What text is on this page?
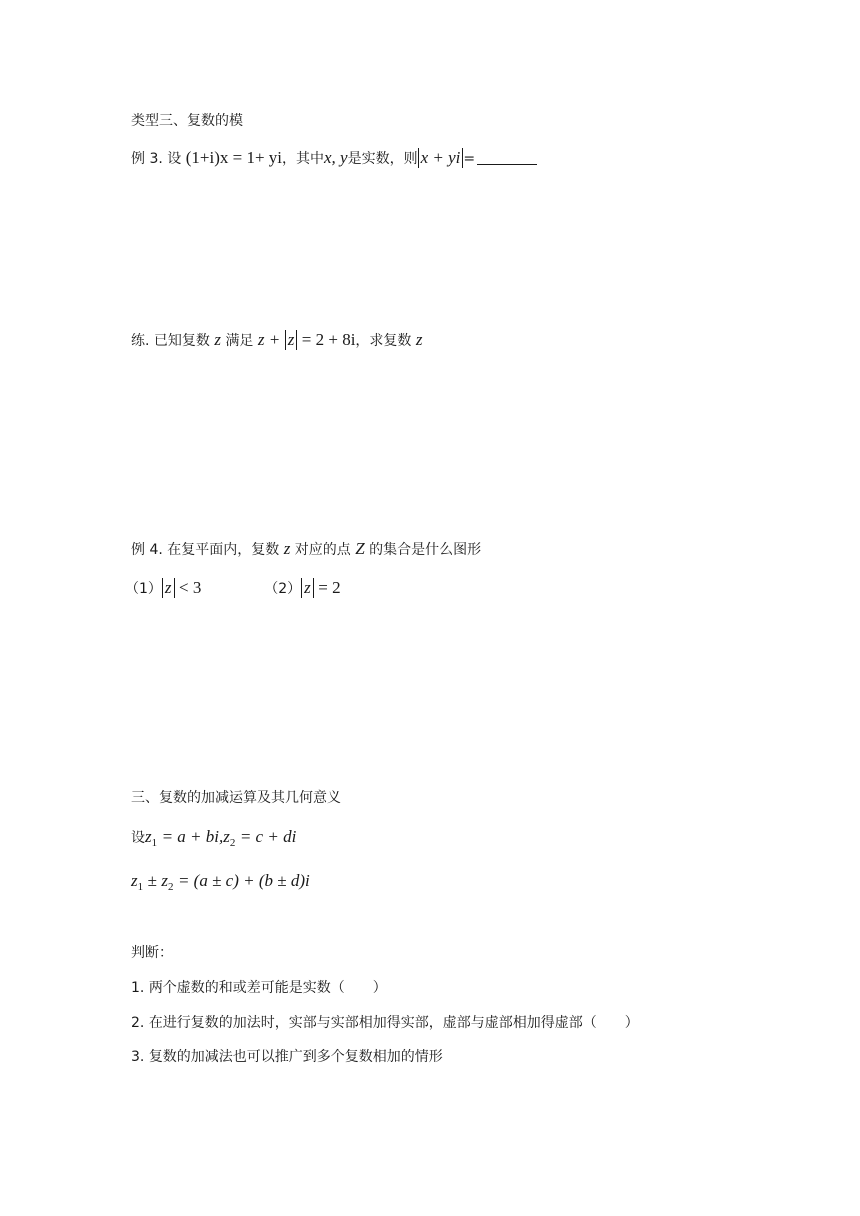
类型三、复数的模
例 3. 设 (1+i)x = 1+ yi，其中x, y是实数，则 x + yi =
练. 已知复数 z 满足 z + z = 2 + 8i，求复数 z
例 4. 在复平面内，复数 z 对应的点 Z 的集合是什么图形
（1） z < 3	（2） z = 2
三、复数的加减运算及其几何意义
设$z_1 = a + bi,z_2 = c$ + di
$z_1 \pm z_2 = (a \pm c) + (b \pm d)i$
判断：
1. 两个虚数的和或差可能是实数（　　）
2. 在进行复数的加法时，实部与实部相加得实部，虚部与虚部相加得虚部（　　）
3. 复数的加减法也可以推广到多个复数相加的情形
